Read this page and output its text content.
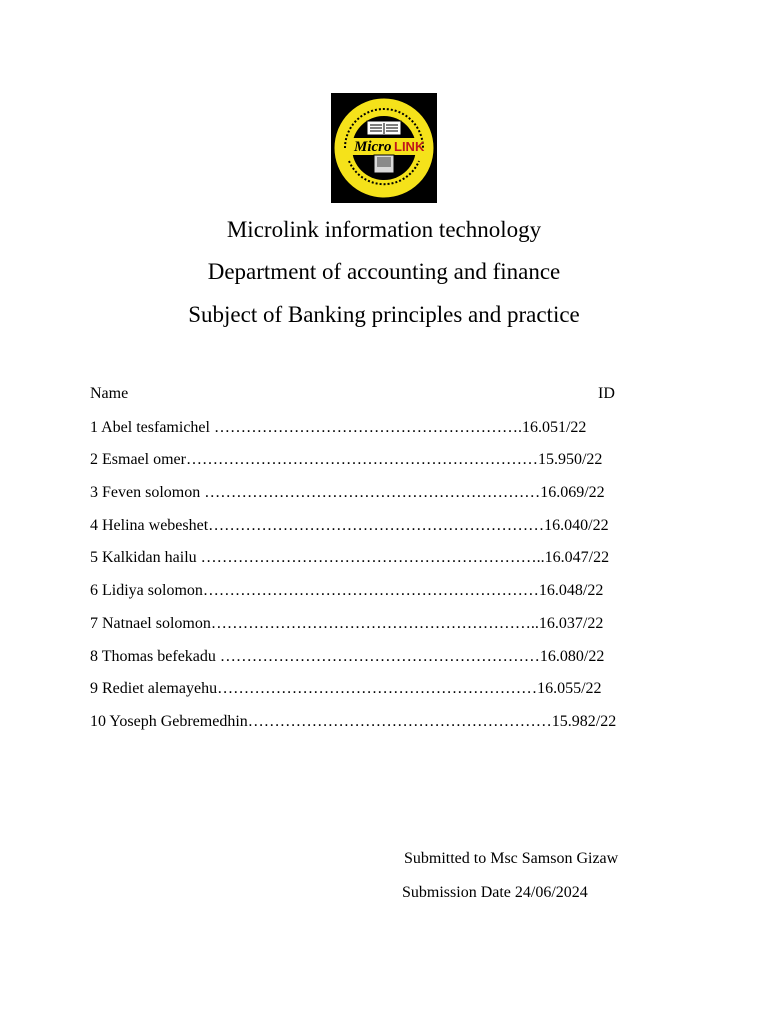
Micro LINK
Microlink information technology
Department of accounting and finance
Subject of Banking principles and practice
Name	ID
1 Abel tesfamichel ………………………………………………….16.051/22
2 Esmael omer…………………………………………………………15.950/22
3 Feven solomon ………………………………………………………16.069/22
4 Helina webeshet………………………………………………………16.040/22
5 Kalkidan hailu ………………………………………………………..16.047/22
6 Lidiya solomon………………………………………………………16.048/22
7 Natnael solomon……………………………………………………..16.037/22
8 Thomas befekadu ……………………………………………………16.080/22
9 Rediet alemayehu……………………………………………………16.055/22
10 Yoseph Gebremedhin…………………………………………………15.982/22
Submitted to Msc Samson Gizaw
Submission Date 24/06/2024
